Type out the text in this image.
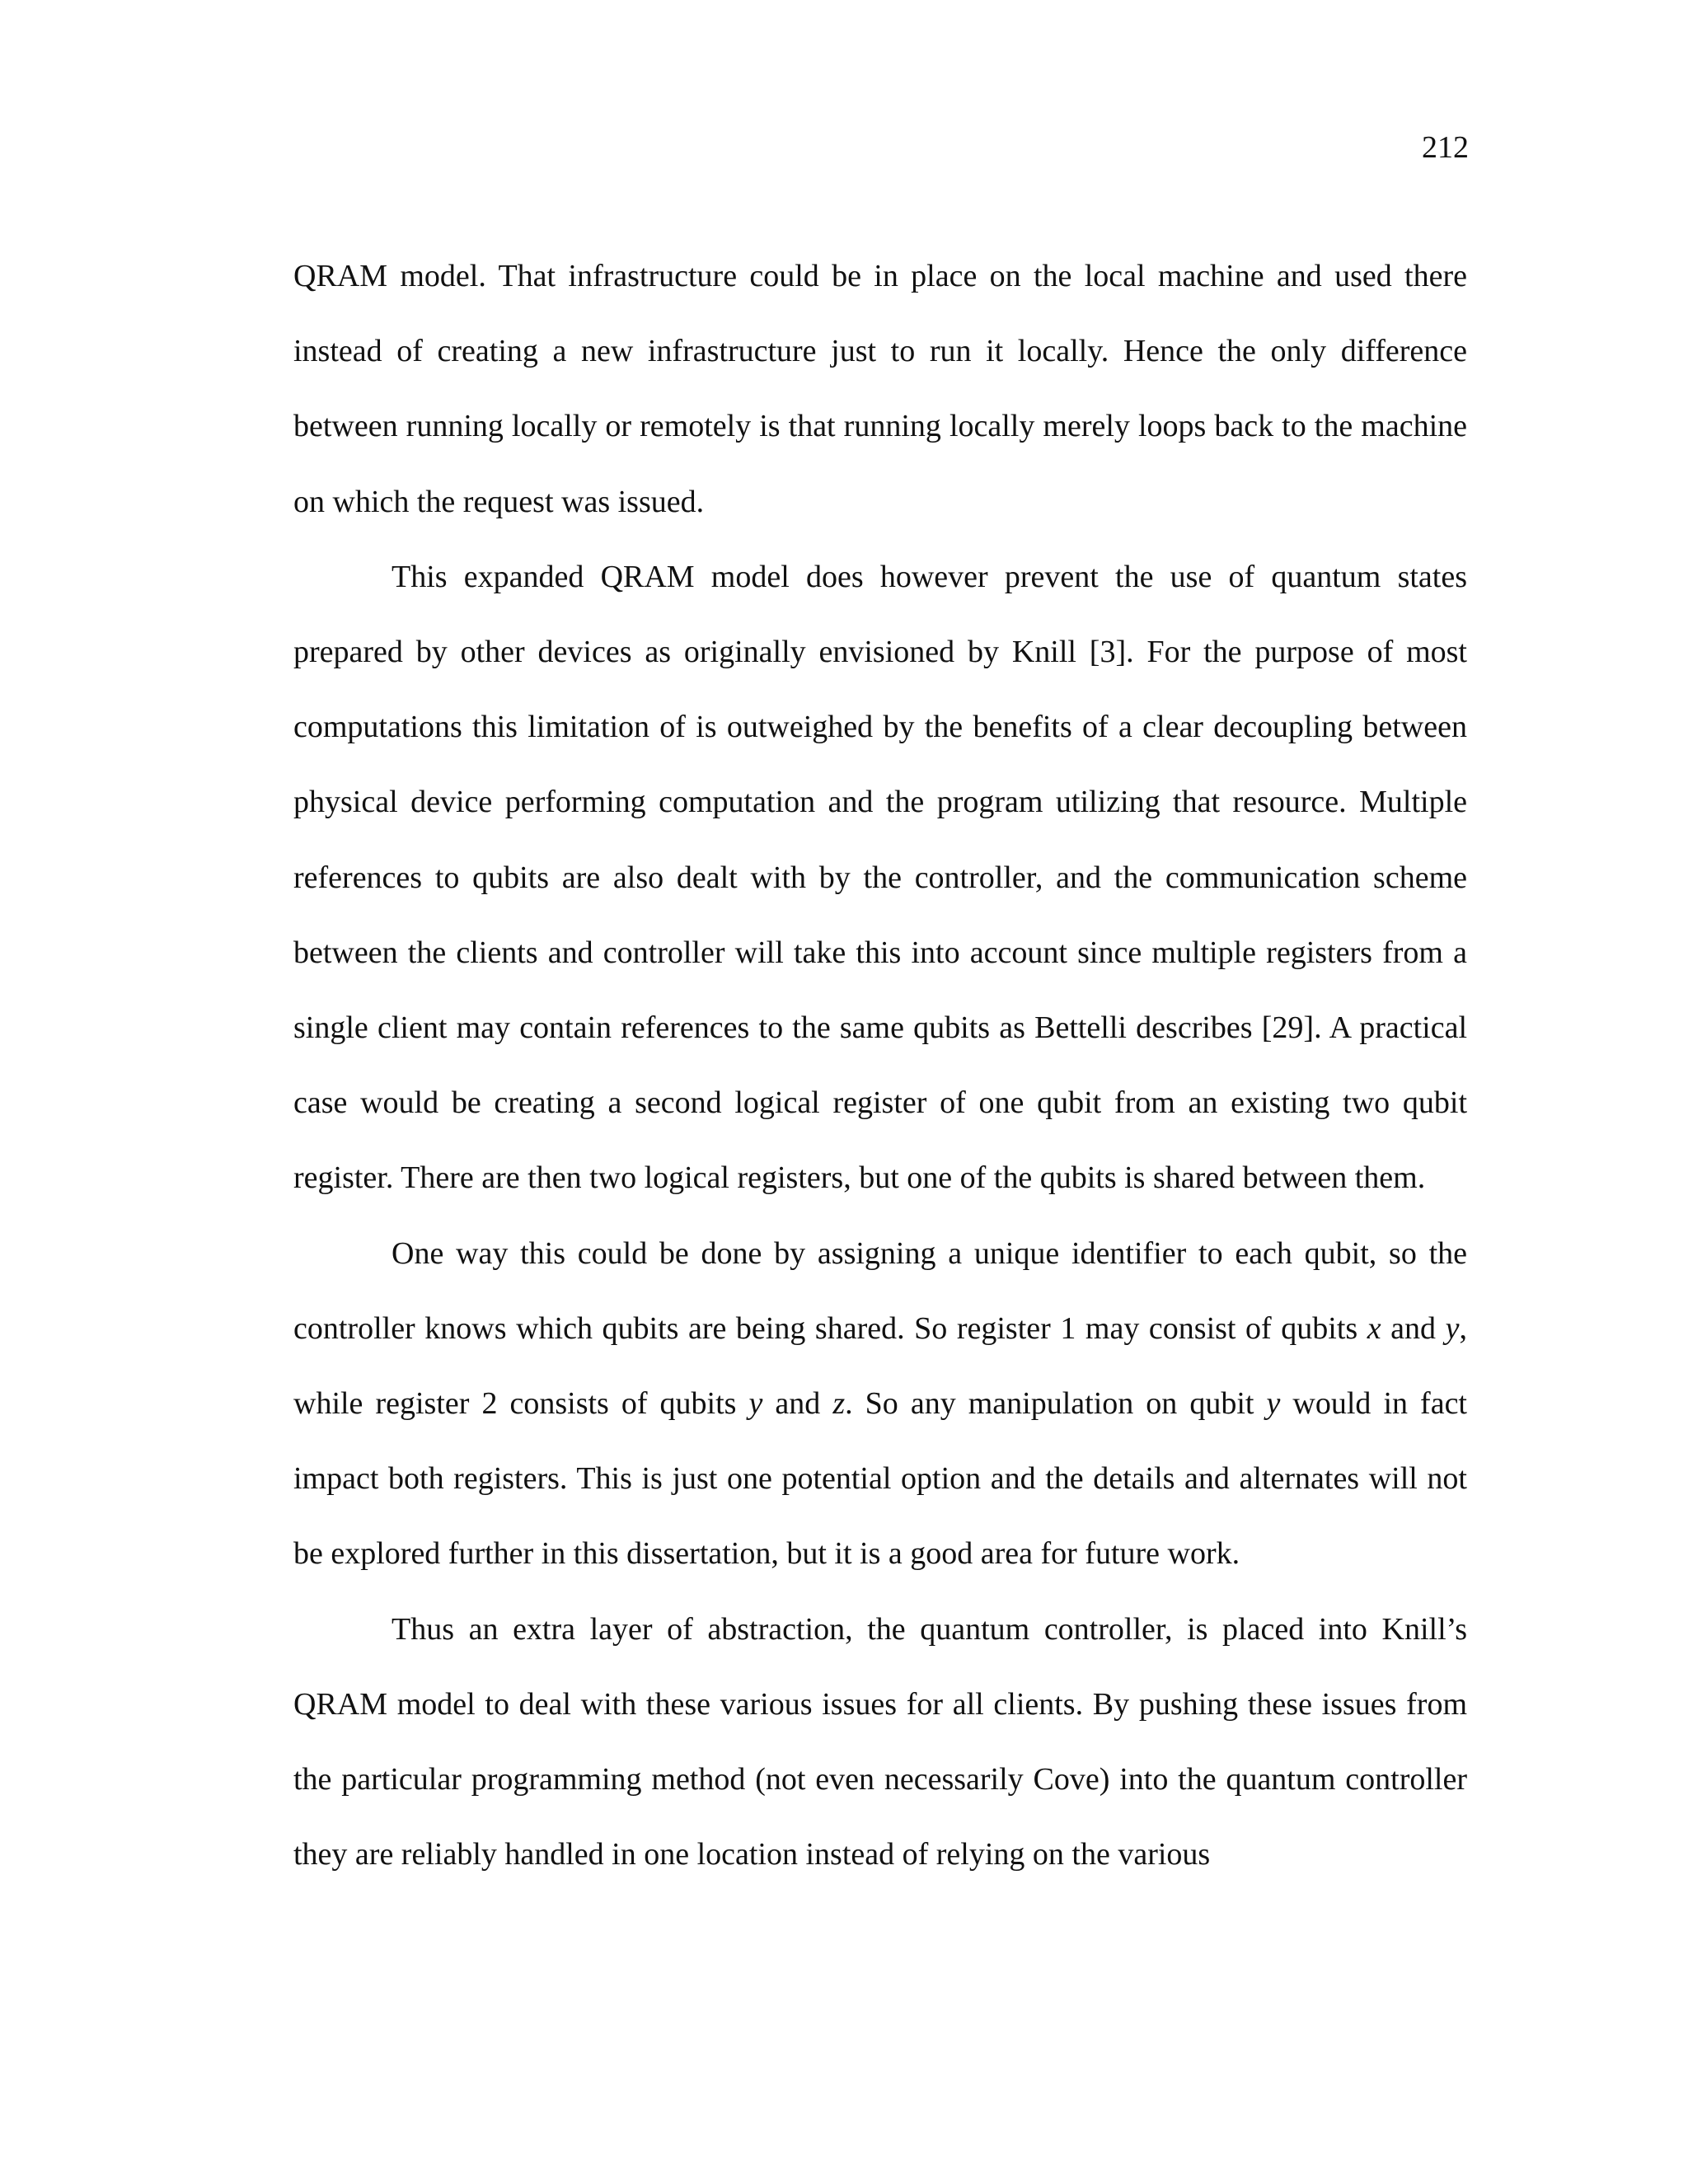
212

QRAM model. That infrastructure could be in place on the local machine and used there instead of creating a new infrastructure just to run it locally. Hence the only difference between running locally or remotely is that running locally merely loops back to the machine on which the request was issued.

This expanded QRAM model does however prevent the use of quantum states prepared by other devices as originally envisioned by Knill [3]. For the purpose of most computations this limitation of is outweighed by the benefits of a clear decoupling between physical device performing computation and the program utilizing that resource. Multiple references to qubits are also dealt with by the controller, and the communication scheme between the clients and controller will take this into account since multiple registers from a single client may contain references to the same qubits as Bettelli describes [29]. A practical case would be creating a second logical register of one qubit from an existing two qubit register. There are then two logical registers, but one of the qubits is shared between them.

One way this could be done by assigning a unique identifier to each qubit, so the controller knows which qubits are being shared. So register 1 may consist of qubits x and y, while register 2 consists of qubits y and z. So any manipulation on qubit y would in fact impact both registers. This is just one potential option and the details and alternates will not be explored further in this dissertation, but it is a good area for future work.

Thus an extra layer of abstraction, the quantum controller, is placed into Knill’s QRAM model to deal with these various issues for all clients. By pushing these issues from the particular programming method (not even necessarily Cove) into the quantum controller they are reliably handled in one location instead of relying on the various
